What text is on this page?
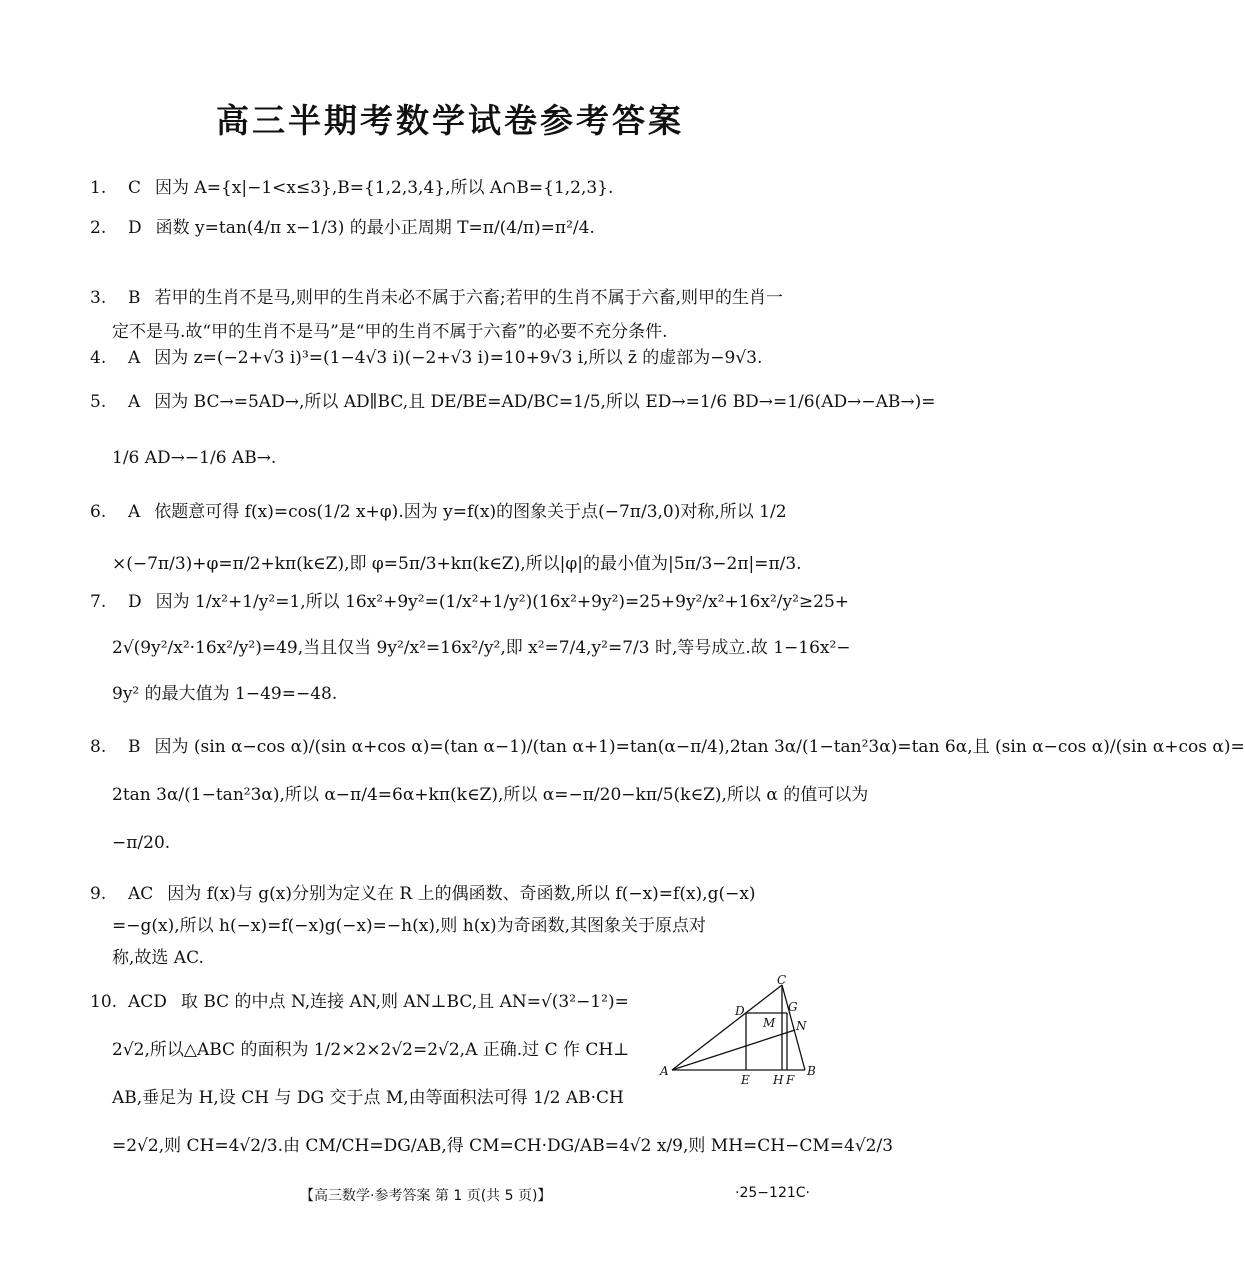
高三半期考数学试卷参考答案
1. C 因为 A={x|−1<x≤3},B={1,2,3,4},所以 A∩B={1,2,3}.
2. D 函数 y=tan(4/π x−1/3) 的最小正周期 T=π/(4/π)=π²/4.
3. B 若甲的生肖不是马,则甲的生肖未必不属于六畜;若甲的生肖不属于六畜,则甲的生肖一
定不是马.故“甲的生肖不是马”是“甲的生肖不属于六畜”的必要不充分条件.
4. A 因为 z=(−2+√3 i)³=(1−4√3 i)(−2+√3 i)=10+9√3 i,所以 z̄ 的虚部为−9√3.
5. A 因为 BC→=5AD→,所以 AD∥BC,且 DE/BE=AD/BC=1/5,所以 ED→=1/6 BD→=1/6(AD→−AB→)=
1/6 AD→−1/6 AB→.
6. A 依题意可得 f(x)=cos(1/2 x+φ).因为 y=f(x)的图象关于点(−7π/3,0)对称,所以 1/2
×(−7π/3)+φ=π/2+kπ(k∈Z),即 φ=5π/3+kπ(k∈Z),所以|φ|的最小值为|5π/3−2π|=π/3.
7. D 因为 1/x²+1/y²=1,所以 16x²+9y²=(1/x²+1/y²)(16x²+9y²)=25+9y²/x²+16x²/y²≥25+
2√(9y²/x²·16x²/y²)=49,当且仅当 9y²/x²=16x²/y²,即 x²=7/4,y²=7/3 时,等号成立.故 1−16x²−
9y² 的最大值为 1−49=−48.
8. B 因为 (sin α−cos α)/(sin α+cos α)=(tan α−1)/(tan α+1)=tan(α−π/4),2tan 3α/(1−tan²3α)=tan 6α,且 (sin α−cos α)/(sin α+cos α)=
2tan 3α/(1−tan²3α),所以 α−π/4=6α+kπ(k∈Z),所以 α=−π/20−kπ/5(k∈Z),所以 α 的值可以为
−π/20.
9. AC 因为 f(x)与 g(x)分别为定义在 R 上的偶函数、奇函数,所以 f(−x)=f(x),g(−x)
=−g(x),所以 h(−x)=f(−x)g(−x)=−h(x),则 h(x)为奇函数,其图象关于原点对
称,故选 AC.
10. ACD 取 BC 的中点 N,连接 AN,则 AN⊥BC,且 AN=√(3²−1²)=
2√2,所以△ABC 的面积为 1/2×2×2√2=2√2,A 正确.过 C 作 CH⊥
AB,垂足为 H,设 CH 与 DG 交于点 M,由等面积法可得 1/2 AB·CH
=2√2,则 CH=4√2/3.由 CM/CH=DG/AB,得 CM=CH·DG/AB=4√2 x/9,则 MH=CH−CM=4√2/3
A	B
C
D
E H F
G
M N
【高三数学·参考答案 第 1 页(共 5 页)】	·25−121C·
